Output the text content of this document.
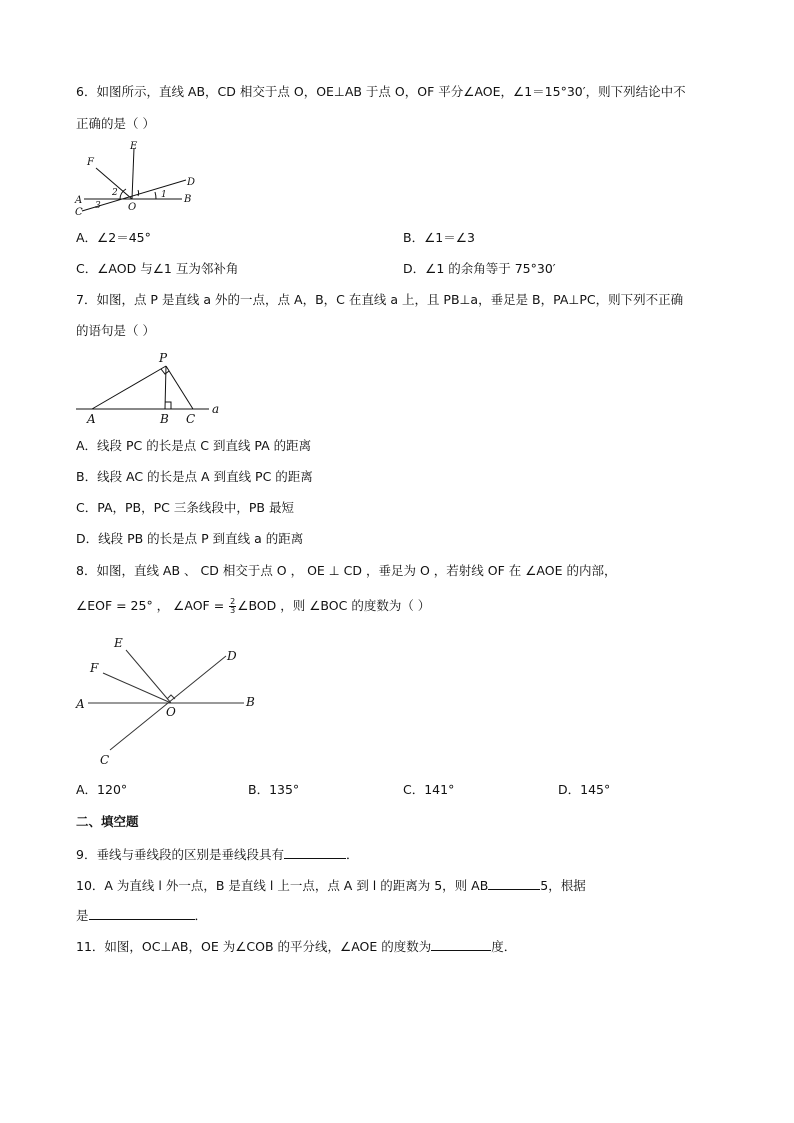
6．如图所示，直线 AB，CD 相交于点 O，OE⊥AB 于点 O，OF 平分∠AOE，∠1＝15°30′，则下列结论中不
正确的是（ ）
E
F
D
A	B
C	O
1
2
3
A．∠2＝45°	B．∠1＝∠3
C．∠AOD 与∠1 互为邻补角	D．∠1 的余角等于 75°30′
7．如图，点 P 是直线 a 外的一点，点 A，B，C 在直线 a 上，且 PB⊥a，垂足是 B，PA⊥PC，则下列不正确
的语句是（ ）
P
A	B C
a
A．线段 PC 的长是点 C 到直线 PA 的距离
B．线段 AC 的长是点 A 到直线 PC 的距离
C．PA，PB，PC 三条线段中，PB 最短
D．线段 PB 的长是点 P 到直线 a 的距离
8．如图，直线 AB 、 CD 相交于点 O ， OE ⊥ CD ，垂足为 O ，若射线 OF 在 ∠AOE 的内部，
∠EOF = 25° ， ∠AOF = $\frac{2}{3}$ ∠BOD ，则 ∠BOC 的度数为（ ）
E
F
D
A	B
O
C
A．120°	B．135°	C．141°	D．145°
二、填空题
9．垂线与垂线段的区别是垂线段具有	．
10．A 为直线 l 外一点，B 是直线 l 上一点，点 A 到 l 的距离为 5，则 AB	5，根据
是	．
11．如图，OC⊥AB，OE 为∠COB 的平分线，∠AOE 的度数为	度．
